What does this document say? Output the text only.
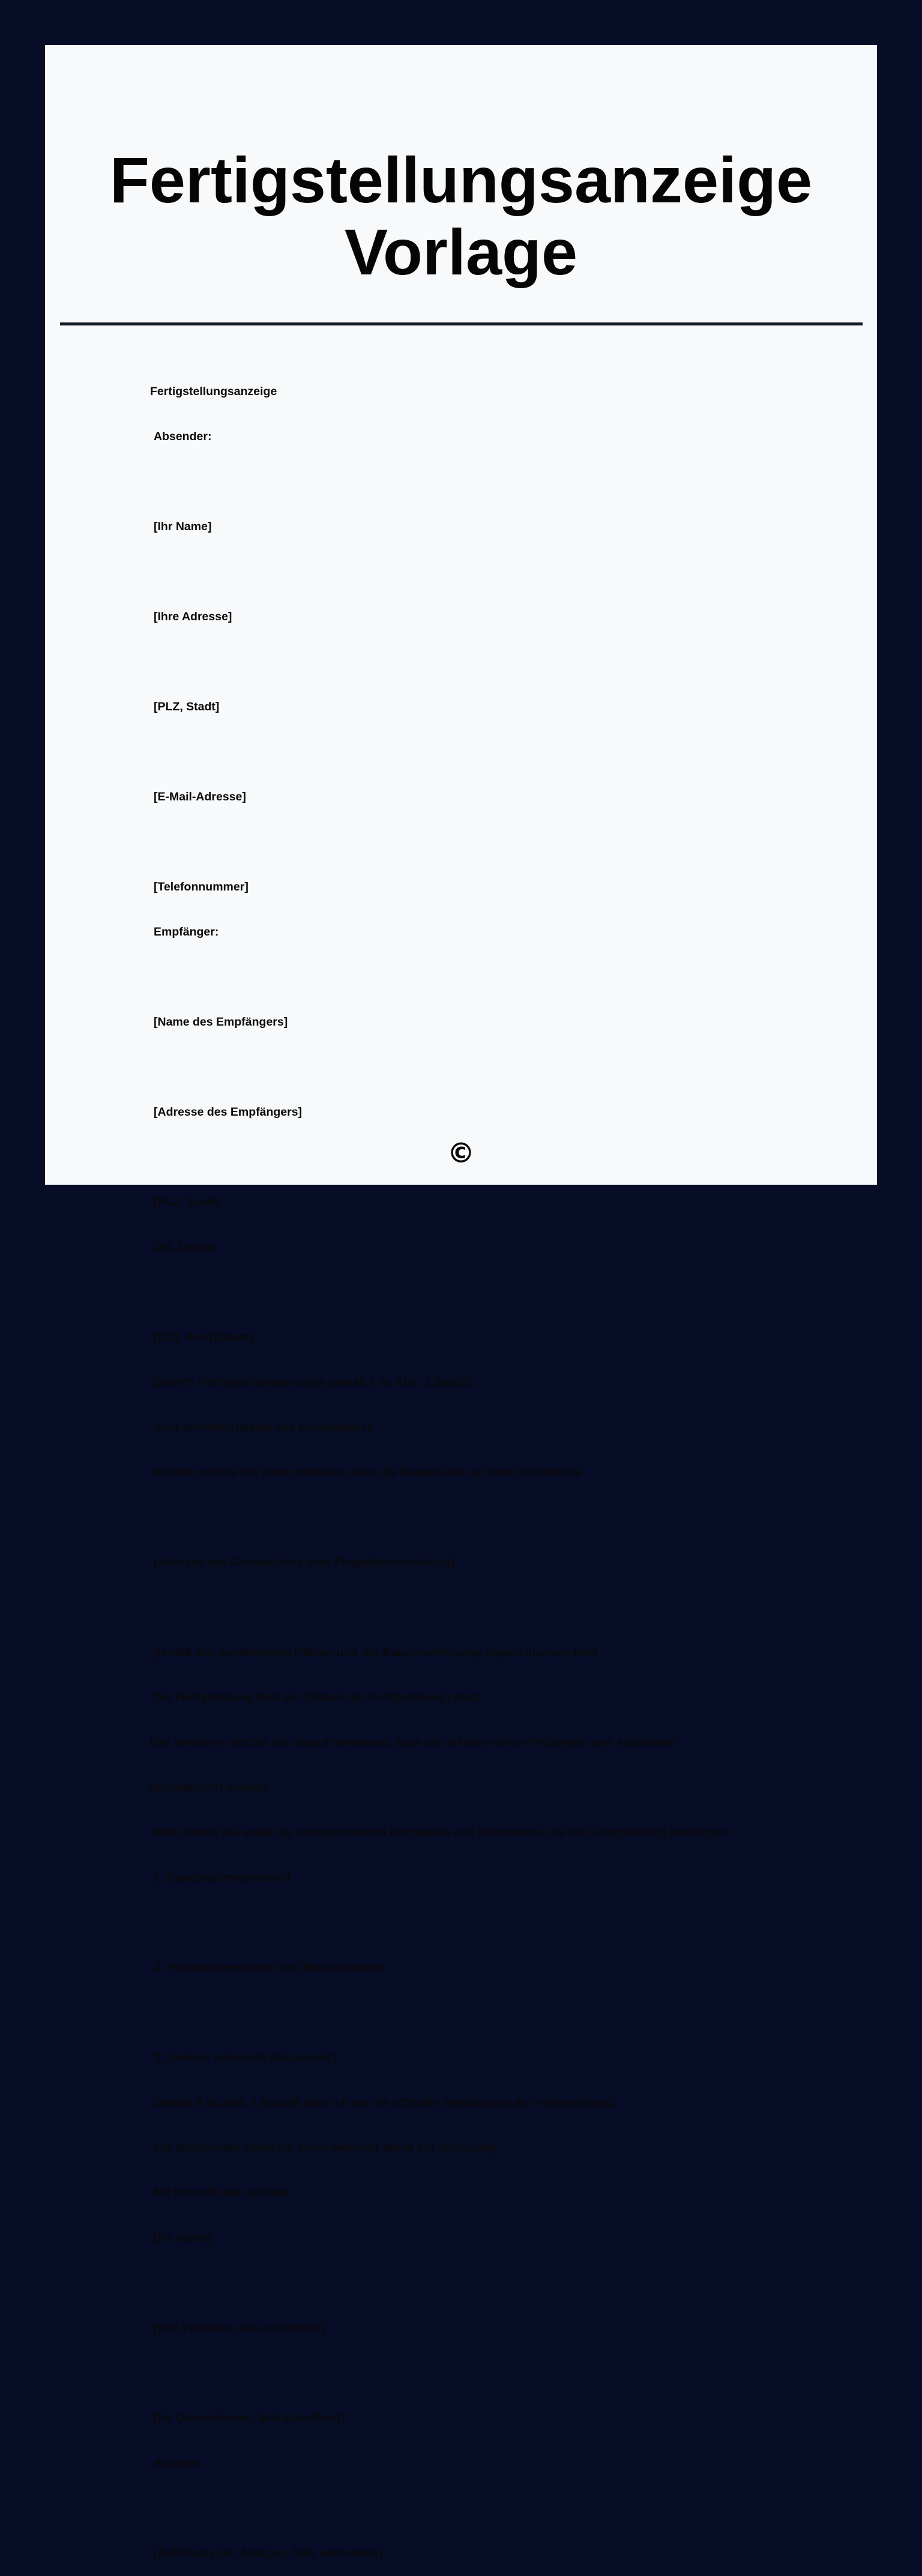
Fertigstellungsanzeige
Vorlage

Fertigstellungsanzeige

Absender:

[Ihr Name]

[Ihre Adresse]

[PLZ, Stadt]

[E-Mail-Adresse]

[Telefonnummer]

Empfänger:

[Name des Empfängers]

[Adresse des Empfängers]

[PLZ, Stadt]

Ort, Datum:

[Ort], den [Datum]

Betreff: Fertigstellungsanzeige gemäß § 9a Abs. 1 BauGB

Sehr geehrte/r [Name des Empfängers],

hiermit möchte ich Ihnen mitteilen, dass die Bauarbeiten an dem Grundstück

[Adresse des Grundstücks oder Projektbeschreibung]

gemäß den genehmigten Plänen und der Baugenehmigung abgeschlossen sind.

Die Fertigstellung fand am [Datum der Fertigstellung] statt.

Des Weiteren möchte ich darauf hinweisen, dass alle erforderlichen Prüfungen und Abnahmen

durchgeführt wurden.

Bitte finden Sie anbei die entsprechenden Nachweise und Dokumente, die die Fertigstellung bestätigen:

1. Bauabnahmeprotokoll

2. Fotodokumentation des Bauvorhabens

3. [weitere relevante Dokumente]

Gemäß § 9a Abs. 1 BauGB bitte ich um die offizielle Bestätigung der Fertigstellung.

Für Rückfragen stehe ich Ihnen jederzeit gerne zur Verfügung.

Mit freundlichen Grüßen

[Ihr Name]

[Ihre Funktion, falls zutreffend]

[Ihr Unternehmen, falls zutreffend]

Anlagen:

[Auflistung der Anlagen, falls vorhanden]

©
